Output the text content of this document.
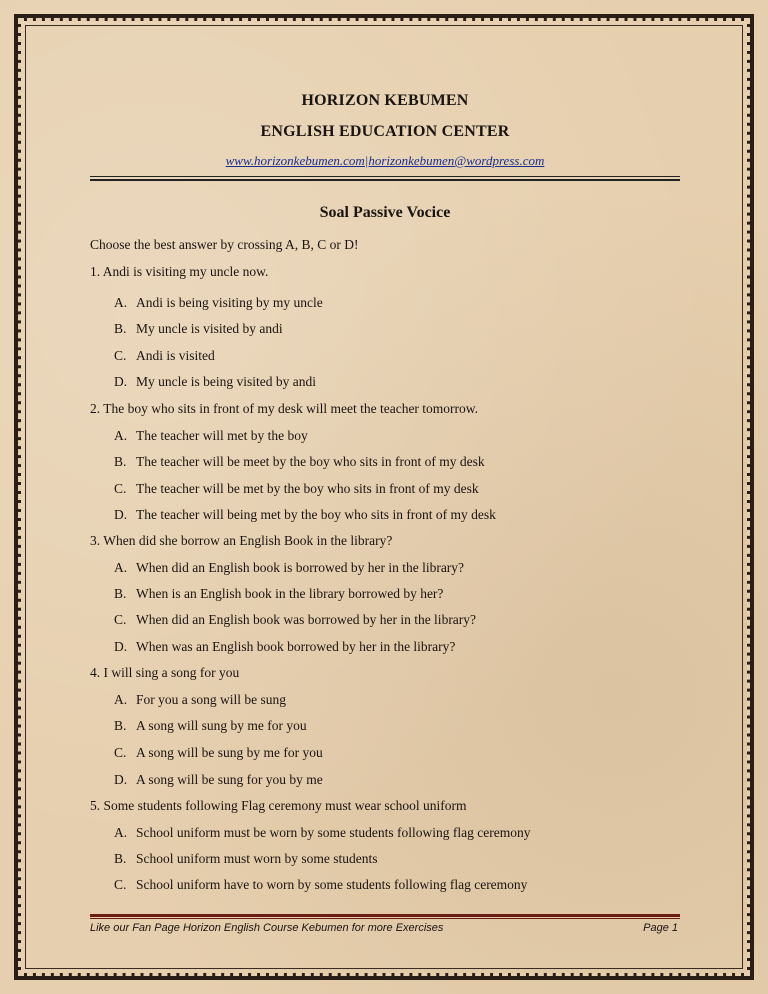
HORIZON KEBUMEN
ENGLISH EDUCATION CENTER
www.horizonkebumen.com|horizonkebumen@wordpress.com
Soal Passive Vocice
Choose the best answer by crossing A, B, C or D!
1. Andi is visiting my uncle now.
A. Andi is being visiting by my uncle
B. My uncle is visited by andi
C. Andi is visited
D. My uncle is being visited by andi
2. The boy who sits in front of my desk will meet the teacher tomorrow.
A. The teacher will met by the boy
B. The teacher will be meet by the boy who sits in front of my desk
C. The teacher will be met by the boy who sits in front of my desk
D. The teacher will being met by the boy who sits in front of my desk
3. When did she borrow an English Book in the library?
A. When did an English book is borrowed by her in the library?
B. When is an English book in the library borrowed by her?
C. When did an English book was borrowed by her in the library?
D. When was an English book borrowed by her in the library?
4. I will sing a song for you
A. For you a song will be sung
B. A song will sung by me for you
C. A song will be sung by me for you
D. A song will be sung for you by me
5. Some students following Flag ceremony must wear school uniform
A. School uniform must be worn by some students following flag ceremony
B. School uniform must worn by some students
C. School uniform have to worn by some students following flag ceremony
Like our Fan Page Horizon English Course Kebumen for more Exercises	Page 1
